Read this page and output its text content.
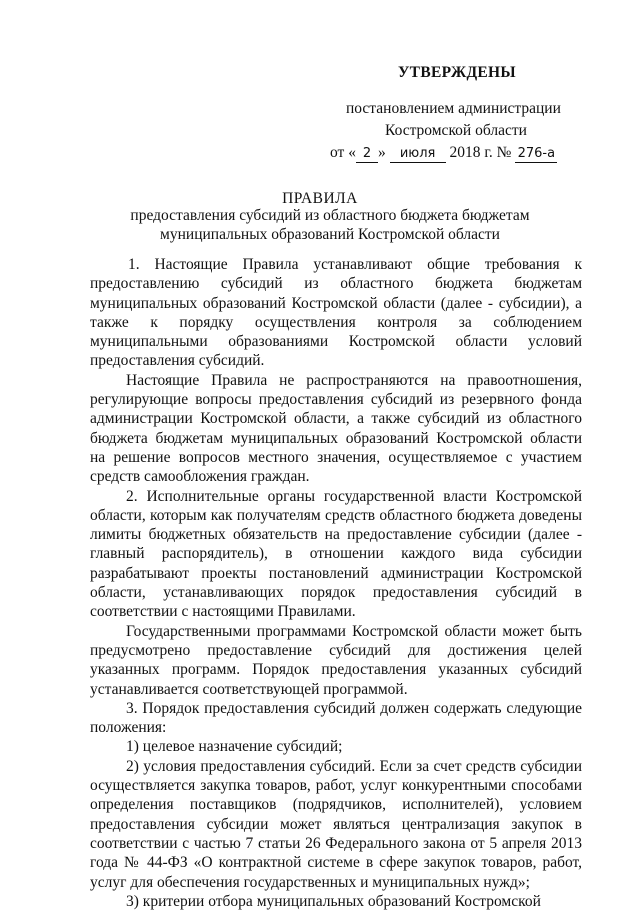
УТВЕРЖДЕНЫ
постановлением администрации
Костромской области
от « 2 » июля 2018 г. № 276-а
ПРАВИЛА
предоставления субсидий из областного бюджета бюджетам
муниципальных образований Костромской области

1. Настоящие Правила устанавливают общие требования к предоставлению субсидий из областного бюджета бюджетам муниципальных образований Костромской области (далее - субсидии), а также к порядку осуществления контроля за соблюдением муниципальными образованиями Костромской области условий предоставления субсидий.

Настоящие Правила не распространяются на правоотношения, регулирующие вопросы предоставления субсидий из резервного фонда администрации Костромской области, а также субсидий из областного бюджета бюджетам муниципальных образований Костромской области на решение вопросов местного значения, осуществляемое с участием средств самообложения граждан.

2. Исполнительные органы государственной власти Костромской области, которым как получателям средств областного бюджета доведены лимиты бюджетных обязательств на предоставление субсидии (далее - главный распорядитель), в отношении каждого вида субсидии разрабатывают проекты постановлений администрации Костромской области, устанавливающих порядок предоставления субсидий в соответствии с настоящими Правилами.

Государственными программами Костромской области может быть предусмотрено предоставление субсидий для достижения целей указанных программ. Порядок предоставления указанных субсидий устанавливается соответствующей программой.

3. Порядок предоставления субсидий должен содержать следующие положения:

1) целевое назначение субсидий;

2) условия предоставления субсидий. Если за счет средств субсидии осуществляется закупка товаров, работ, услуг конкурентными способами определения поставщиков (подрядчиков, исполнителей), условием предоставления субсидии может являться централизация закупок в соответствии с частью 7 статьи 26 Федерального закона от 5 апреля 2013 года № 44-ФЗ «О контрактной системе в сфере закупок товаров, работ, услуг для обеспечения государственных и муниципальных нужд»;

3) критерии отбора муниципальных образований Костромской
